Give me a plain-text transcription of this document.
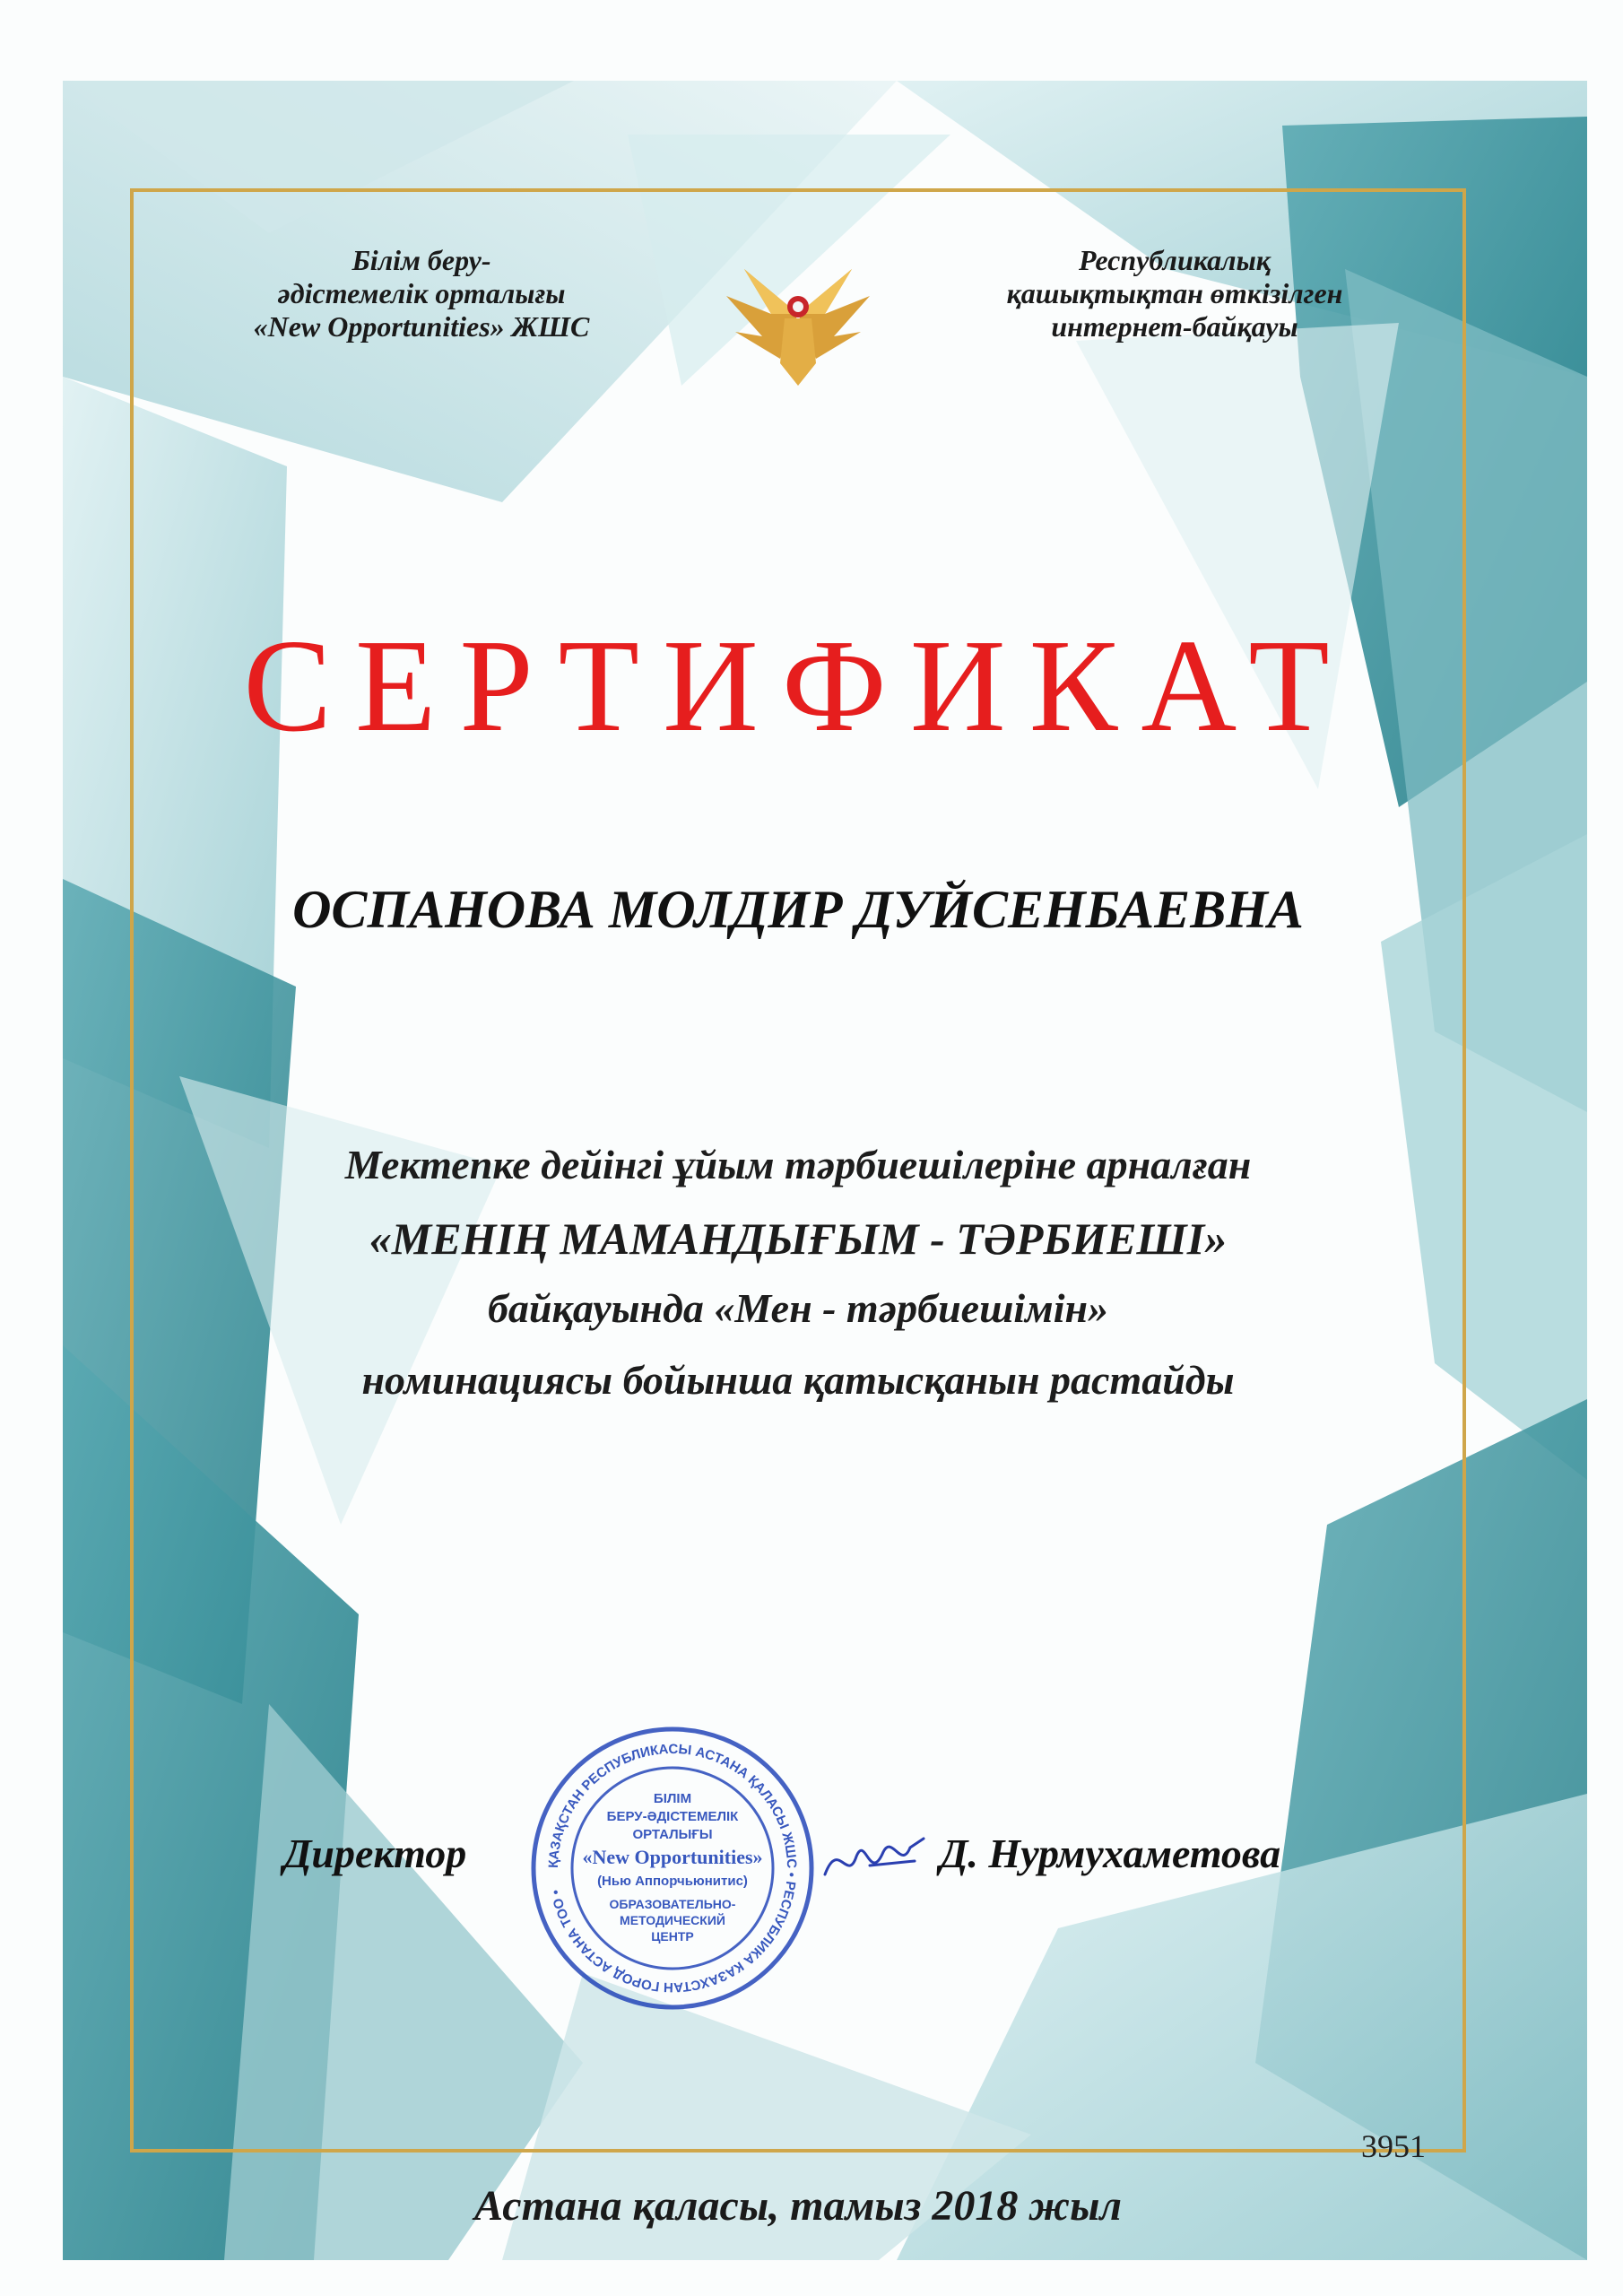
Білім беру-
әдістемелік орталығы
«New Opportunities» ЖШС
Республикалық
қашықтықтан өткізілген
интернет-байқауы
СЕРТИФИКАТ
ОСПАНОВА МОЛДИР ДУЙСЕНБАЕВНА
Мектепке дейінгі ұйым тәрбиешілеріне арналған
«МЕНІҢ МАМАНДЫҒЫМ - ТӘРБИЕШІ»
байқауында «Мен - тәрбиешімін»
номинациясы бойынша қатысқанын растайды
Директор	ҚАЗАҚСТАН РЕСПУБЛИКАСЫ АСТАНА ҚАЛАСЫ ЖШС • РЕСПУБЛИКА КАЗАХСТАН ГОРОД АСТАНА ТОО •
БІЛІМ
БЕРУ-ӘДІСТЕМЕЛІК
ОРТАЛЫҒЫ
«New Opportunities»
(Нью Аппорчьюнитис)
ОБРАЗОВАТЕЛЬНО-
МЕТОДИЧЕСКИЙ
ЦЕНТР
Д. Нурмухаметова
3951
Астана қаласы, тамыз 2018 жыл
